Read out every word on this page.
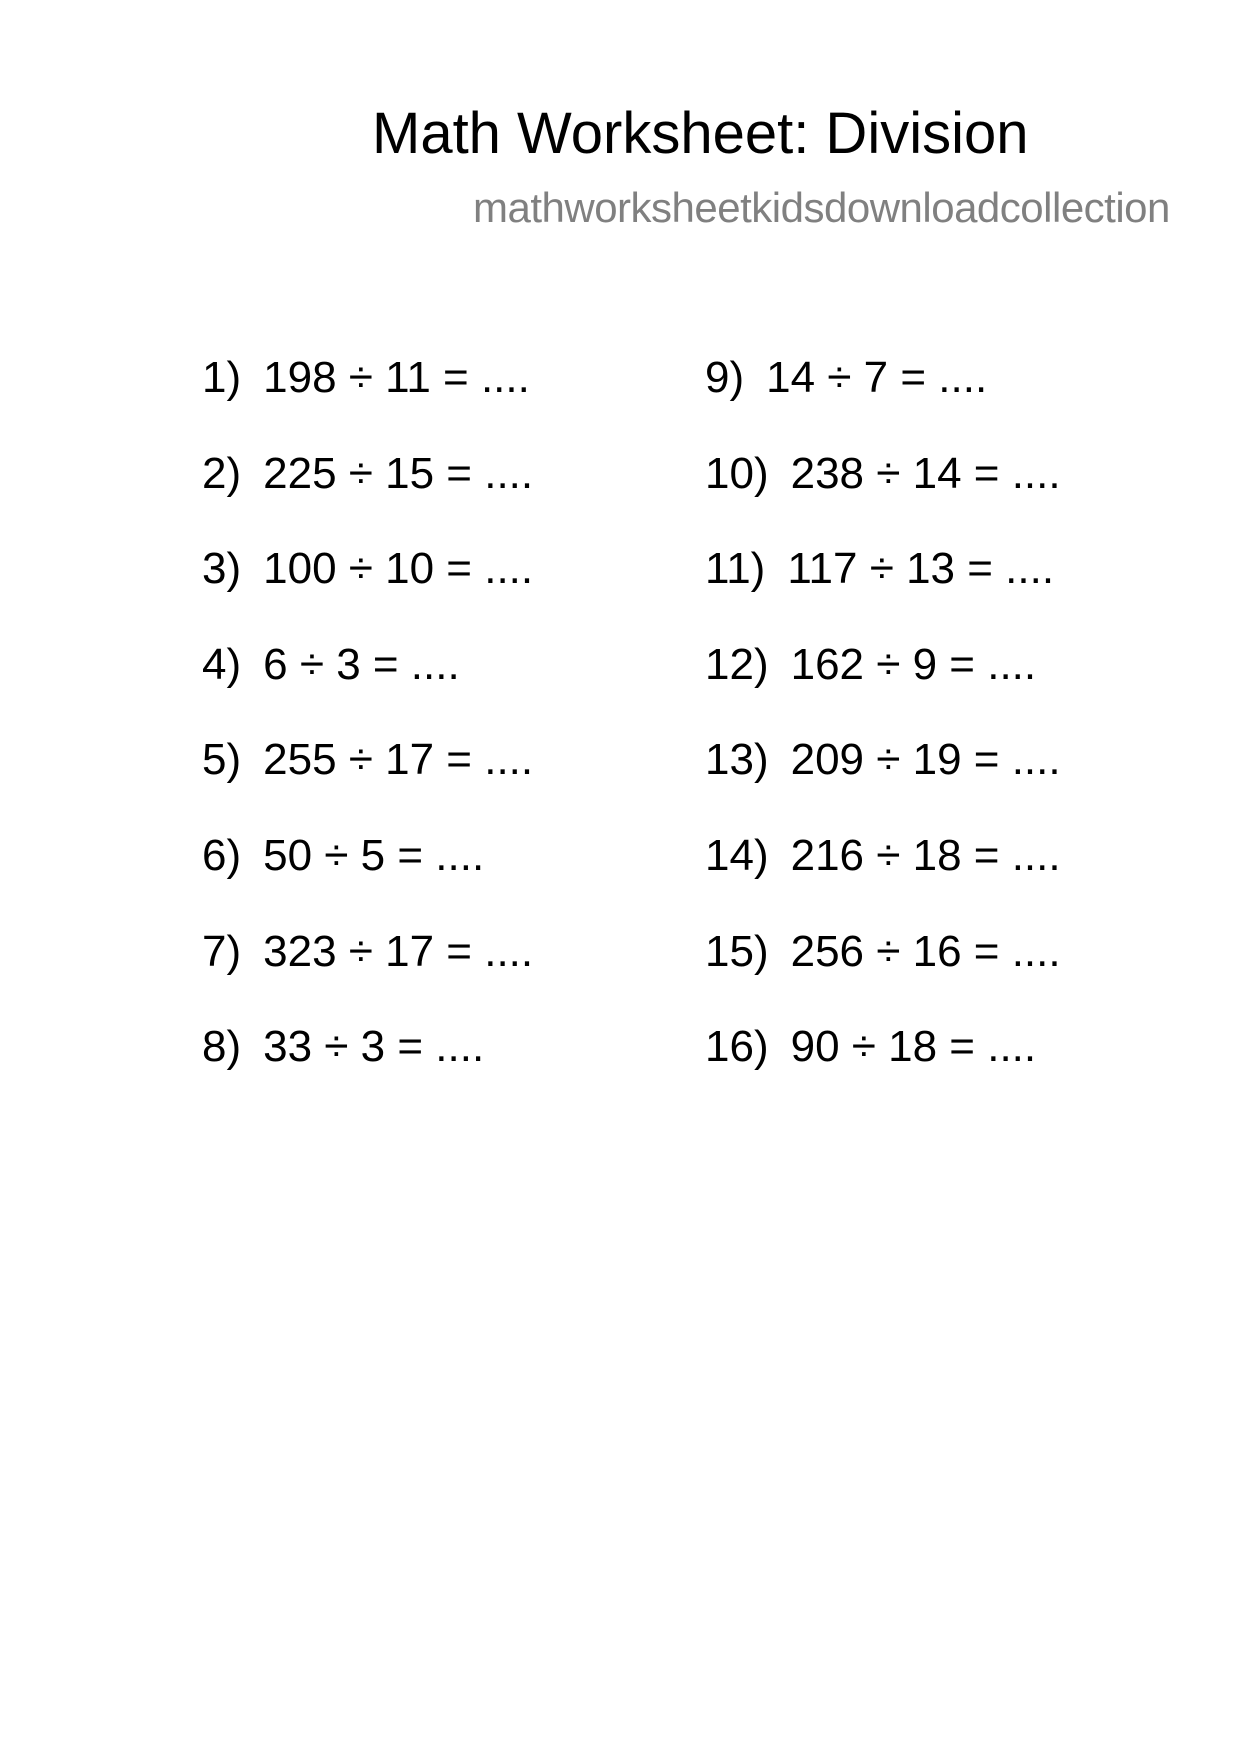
Math Worksheet: Division
mathworksheetkidsdownloadcollection
1) 198 ÷ 11 = ....
2) 225 ÷ 15 = ....
3) 100 ÷ 10 = ....
4) 6 ÷ 3 = ....
5) 255 ÷ 17 = ....
6) 50 ÷ 5 = ....
7) 323 ÷ 17 = ....
8) 33 ÷ 3 = ....
9) 14 ÷ 7 = ....
10) 238 ÷ 14 = ....
11) 117 ÷ 13 = ....
12) 162 ÷ 9 = ....
13) 209 ÷ 19 = ....
14) 216 ÷ 18 = ....
15) 256 ÷ 16 = ....
16) 90 ÷ 18 = ....
